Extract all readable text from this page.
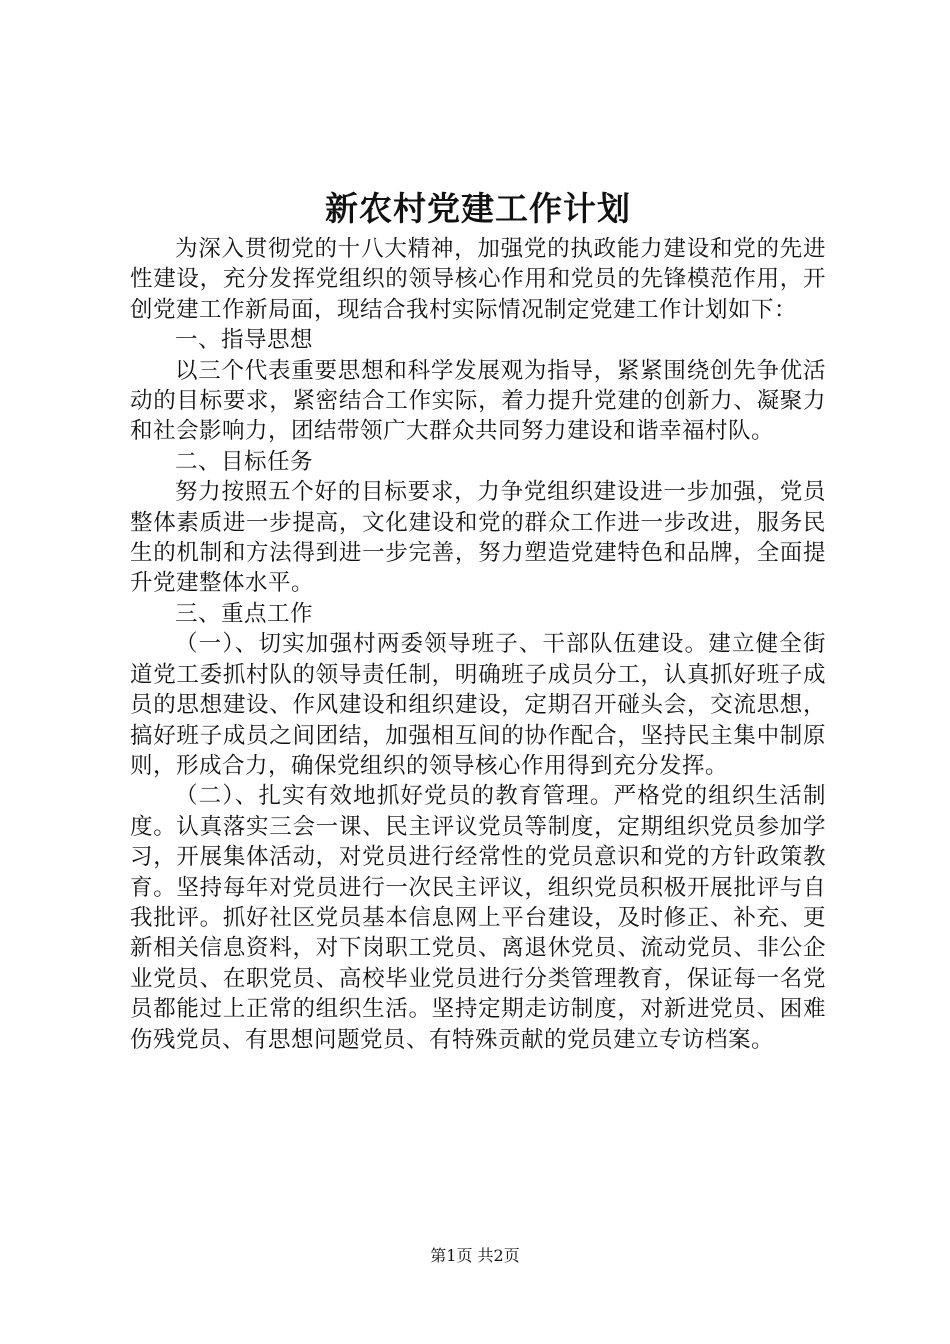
新农村党建工作计划

为深入贯彻党的十八大精神，加强党的执政能力建设和党的先进性建设，充分发挥党组织的领导核心作用和党员的先锋模范作用，开创党建工作新局面，现结合我村实际情况制定党建工作计划如下：

一、指导思想

以三个代表重要思想和科学发展观为指导，紧紧围绕创先争优活动的目标要求，紧密结合工作实际，着力提升党建的创新力、凝聚力和社会影响力，团结带领广大群众共同努力建设和谐幸福村队。

二、目标任务

努力按照五个好的目标要求，力争党组织建设进一步加强，党员整体素质进一步提高，文化建设和党的群众工作进一步改进，服务民生的机制和方法得到进一步完善，努力塑造党建特色和品牌，全面提升党建整体水平。

三、重点工作

（一）、切实加强村两委领导班子、干部队伍建设。建立健全街道党工委抓村队的领导责任制，明确班子成员分工，认真抓好班子成员的思想建设、作风建设和组织建设，定期召开碰头会，交流思想，搞好班子成员之间团结，加强相互间的协作配合，坚持民主集中制原则，形成合力，确保党组织的领导核心作用得到充分发挥。

（二）、扎实有效地抓好党员的教育管理。严格党的组织生活制度。认真落实三会一课、民主评议党员等制度，定期组织党员参加学习，开展集体活动，对党员进行经常性的党员意识和党的方针政策教育。坚持每年对党员进行一次民主评议，组织党员积极开展批评与自我批评。抓好社区党员基本信息网上平台建设，及时修正、补充、更新相关信息资料，对下岗职工党员、离退休党员、流动党员、非公企业党员、在职党员、高校毕业党员进行分类管理教育，保证每一名党员都能过上正常的组织生活。坚持定期走访制度，对新进党员、困难伤残党员、有思想问题党员、有特殊贡献的党员建立专访档案。

第1页 共2页
